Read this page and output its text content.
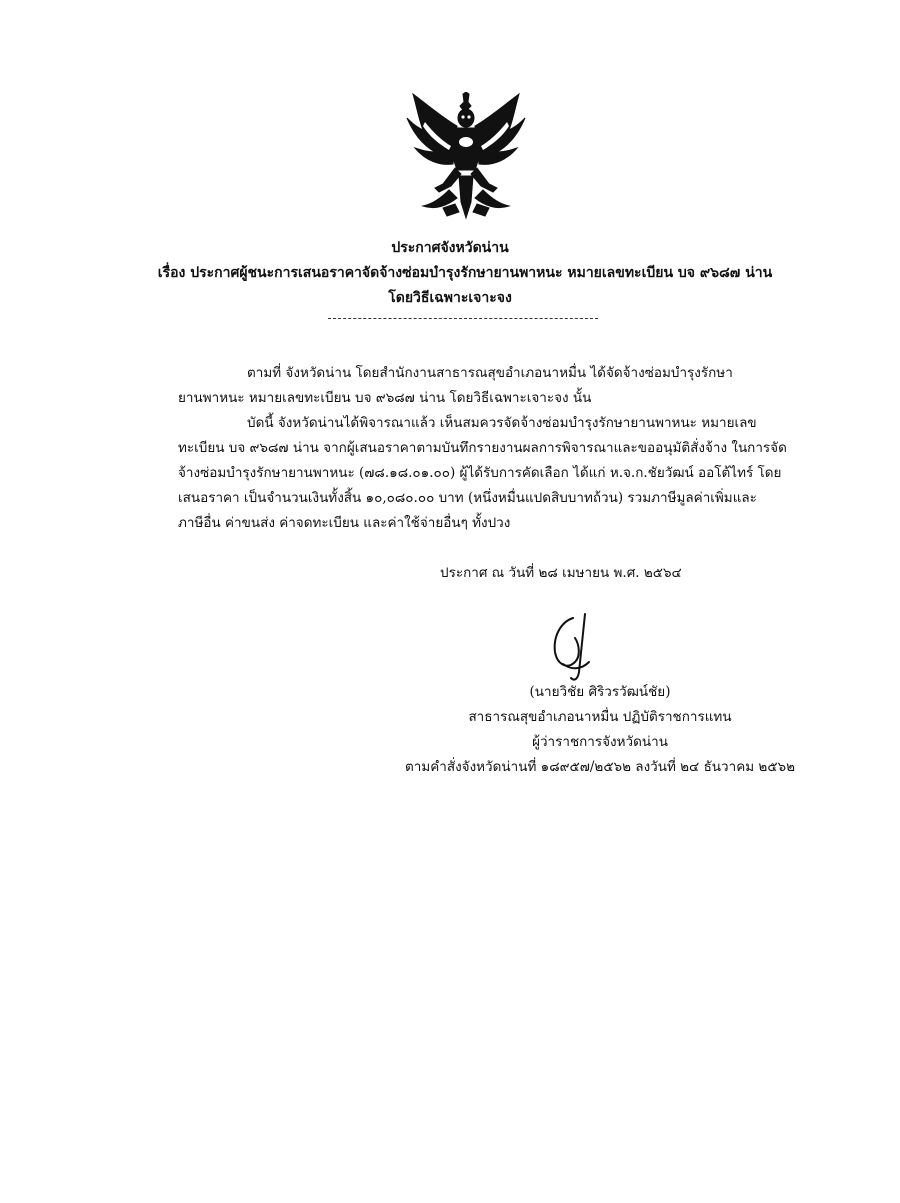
ประกาศจังหวัดน่าน
เรื่อง ประกาศผู้ชนะการเสนอราคาจัดจ้างซ่อมบำรุงรักษายานพาหนะ หมายเลขทะเบียน บจ ๙๖๘๗ น่าน
โดยวิธีเฉพาะเจาะจง
ตามที่ จังหวัดน่าน โดยสำนักงานสาธารณสุขอำเภอนาหมื่น ได้จัดจ้างซ่อมบำรุงรักษา
ยานพาหนะ หมายเลขทะเบียน บจ ๙๖๘๗ น่าน โดยวิธีเฉพาะเจาะจง นั้น
บัดนี้ จังหวัดน่านได้พิจารณาแล้ว เห็นสมควรจัดจ้างซ่อมบำรุงรักษายานพาหนะ หมายเลข
ทะเบียน บจ ๙๖๘๗ น่าน จากผู้เสนอราคาตามบันทึกรายงานผลการพิจารณาและขออนุมัติสั่งจ้าง ในการจัด
จ้างซ่อมบำรุงรักษายานพาหนะ (๗๘.๑๘.๐๑.๐๐) ผู้ได้รับการคัดเลือก ได้แก่ ห.จ.ก.ชัยวัฒน์ ออโต้ไทร์ โดย
เสนอราคา เป็นจำนวนเงินทั้งสิ้น ๑๐,๐๘๐.๐๐ บาท (หนึ่งหมื่นแปดสิบบาทถ้วน) รวมภาษีมูลค่าเพิ่มและ
ภาษีอื่น ค่าขนส่ง ค่าจดทะเบียน และค่าใช้จ่ายอื่นๆ ทั้งปวง
ประกาศ ณ วันที่ ๒๘ เมษายน พ.ศ. ๒๕๖๔
(นายวิชัย ศิริวรวัฒน์ชัย)
สาธารณสุขอำเภอนาหมื่น ปฏิบัติราชการแทน
ผู้ว่าราชการจังหวัดน่าน
ตามคำสั่งจังหวัดน่านที่ ๑๘๙๕๗/๒๕๖๒ ลงวันที่ ๒๔ ธันวาคม ๒๕๖๒
